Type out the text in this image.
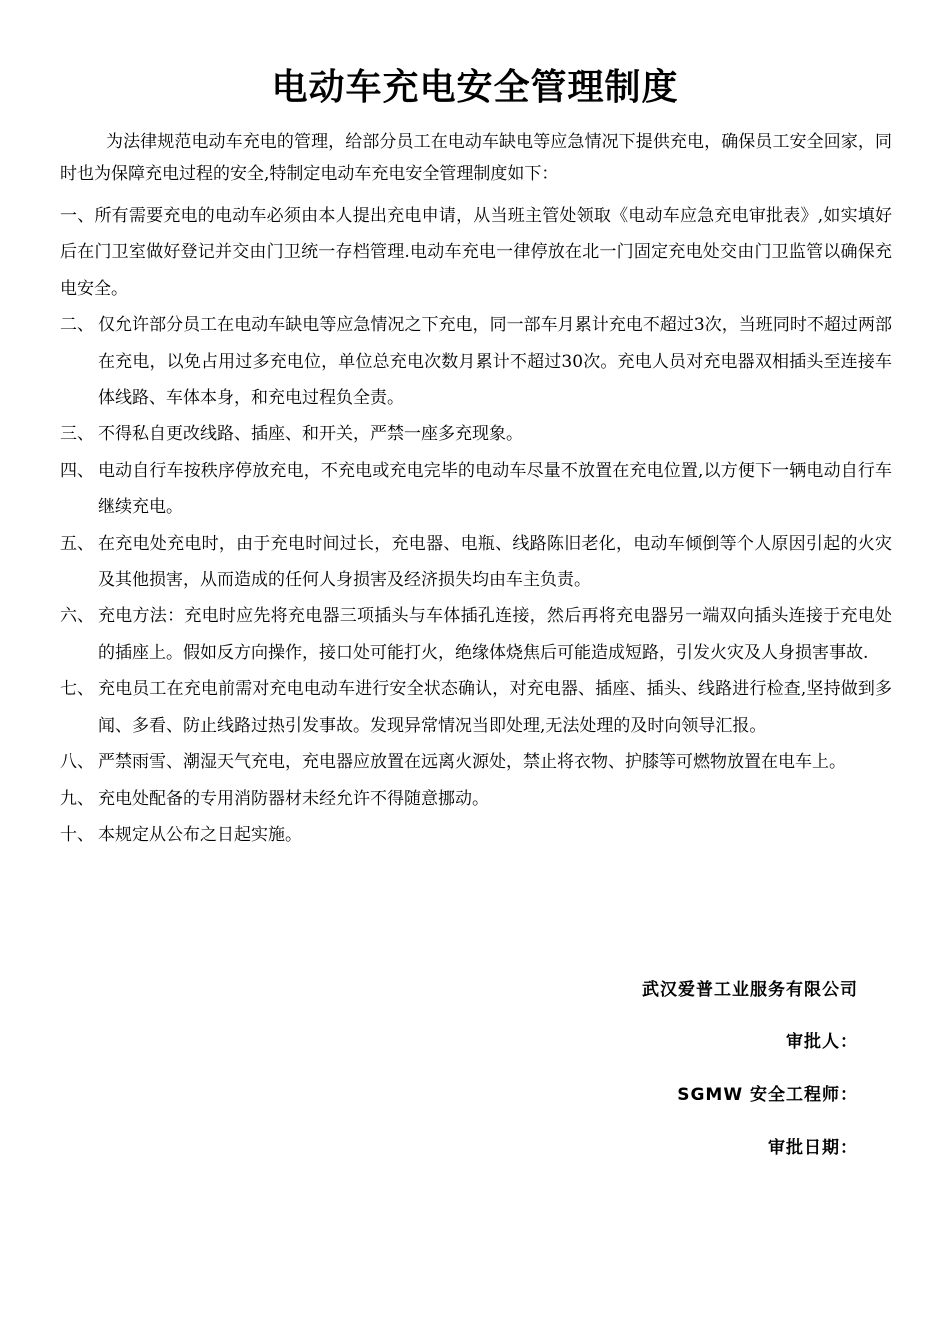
电动车充电安全管理制度
为法律规范电动车充电的管理，给部分员工在电动车缺电等应急情况下提供充电，确保员工安全回家，同时也为保障充电过程的安全,特制定电动车充电安全管理制度如下：
一、所有需要充电的电动车必须由本人提出充电申请，从当班主管处领取《电动车应急充电审批表》,如实填好后在门卫室做好登记并交由门卫统一存档管理.电动车充电一律停放在北一门固定充电处交由门卫监管以确保充电安全。
二、 仅允许部分员工在电动车缺电等应急情况之下充电，同一部车月累计充电不超过3次，当班同时不超过两部在充电，以免占用过多充电位，单位总充电次数月累计不超过30次。充电人员对充电器双相插头至连接车体线路、车体本身，和充电过程负全责。
三、 不得私自更改线路、插座、和开关，严禁一座多充现象。
四、 电动自行车按秩序停放充电，不充电或充电完毕的电动车尽量不放置在充电位置,以方便下一辆电动自行车继续充电。
五、 在充电处充电时，由于充电时间过长，充电器、电瓶、线路陈旧老化，电动车倾倒等个人原因引起的火灾及其他损害，从而造成的任何人身损害及经济损失均由车主负责。
六、 充电方法：充电时应先将充电器三项插头与车体插孔连接，然后再将充电器另一端双向插头连接于充电处的插座上。假如反方向操作，接口处可能打火，绝缘体烧焦后可能造成短路，引发火灾及人身损害事故.
七、 充电员工在充电前需对充电电动车进行安全状态确认，对充电器、插座、插头、线路进行检查,坚持做到多闻、多看、防止线路过热引发事故。发现异常情况当即处理,无法处理的及时向领导汇报。
八、 严禁雨雪、潮湿天气充电，充电器应放置在远离火源处，禁止将衣物、护膝等可燃物放置在电车上。
九、 充电处配备的专用消防器材未经允许不得随意挪动。
十、 本规定从公布之日起实施。
武汉爱普工业服务有限公司
审批人：
SGMW 安全工程师：
审批日期：
